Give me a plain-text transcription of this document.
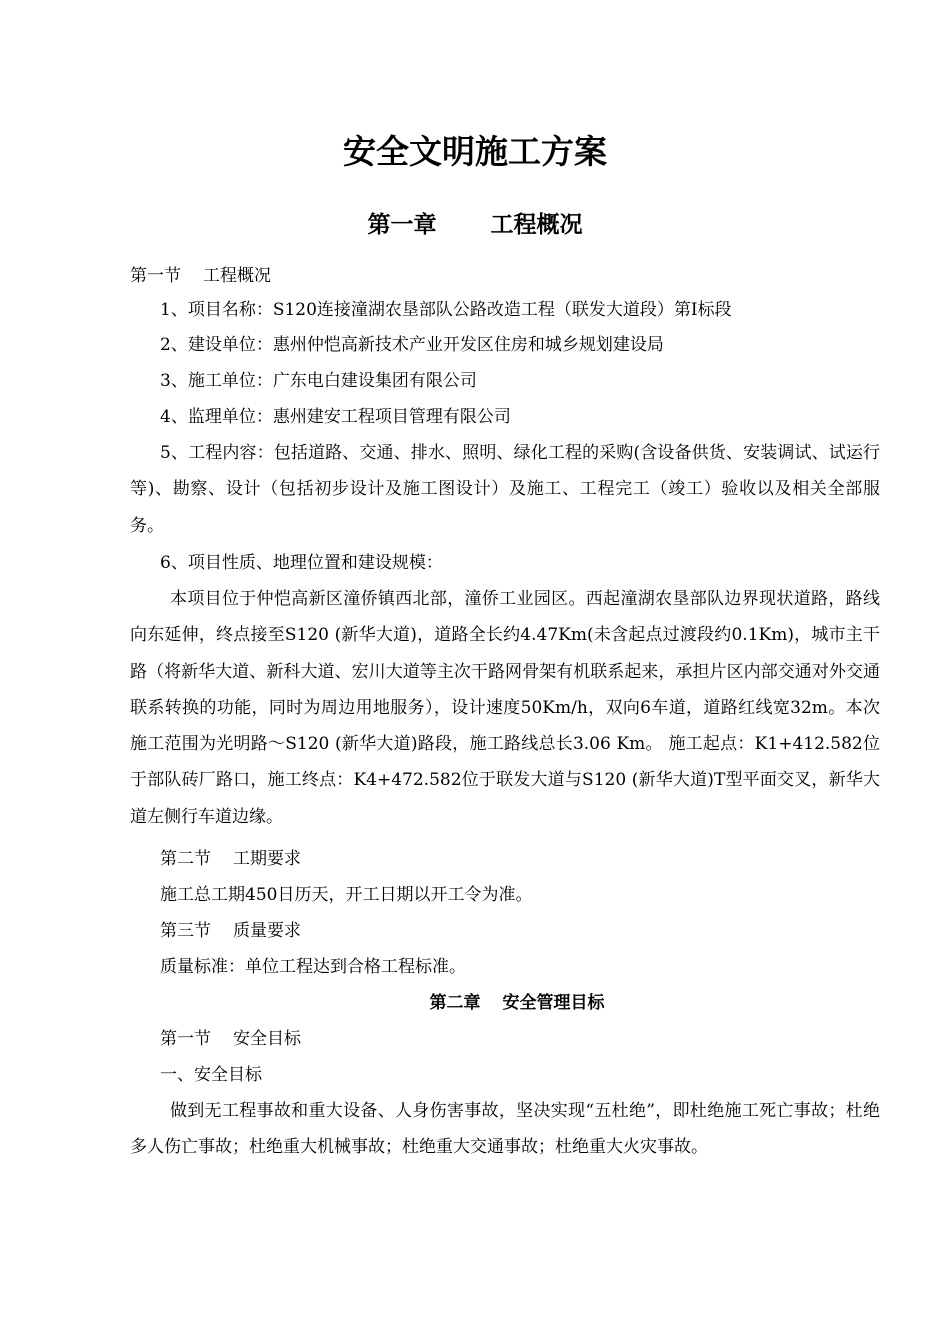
安全文明施工方案
第一章 工程概况
第一节 工程概况
1、项目名称：S120连接潼湖农垦部队公路改造工程（联发大道段）第Ⅰ标段
2、建设单位：惠州仲恺高新技术产业开发区住房和城乡规划建设局
3、施工单位：广东电白建设集团有限公司
4、监理单位：惠州建安工程项目管理有限公司
5、工程内容：包括道路、交通、排水、照明、绿化工程的采购(含设备供货、安装调试、试运行等)、勘察、设计（包括初步设计及施工图设计）及施工、工程完工（竣工）验收以及相关全部服务。
6、项目性质、地理位置和建设规模：
本项目位于仲恺高新区潼侨镇西北部，潼侨工业园区。西起潼湖农垦部队边界现状道路，路线向东延伸，终点接至S120 (新华大道)，道路全长约4.47Km(未含起点过渡段约0.1Km)，城市主干路（将新华大道、新科大道、宏川大道等主次干路网骨架有机联系起来，承担片区内部交通对外交通联系转换的功能，同时为周边用地服务），设计速度50Km/h，双向6车道，道路红线宽32m。本次施工范围为光明路～S120 (新华大道)路段，施工路线总长3.06 Km。 施工起点：K1+412.582位于部队砖厂路口，施工终点：K4+472.582位于联发大道与S120 (新华大道)T型平面交叉，新华大道左侧行车道边缘。
第二节 工期要求
施工总工期450日历天，开工日期以开工令为准。
第三节 质量要求
质量标准：单位工程达到合格工程标准。
第二章 安全管理目标
第一节 安全目标
一、安全目标
做到无工程事故和重大设备、人身伤害事故，坚决实现“五杜绝”，即杜绝施工死亡事故；杜绝多人伤亡事故；杜绝重大机械事故；杜绝重大交通事故；杜绝重大火灾事故。
